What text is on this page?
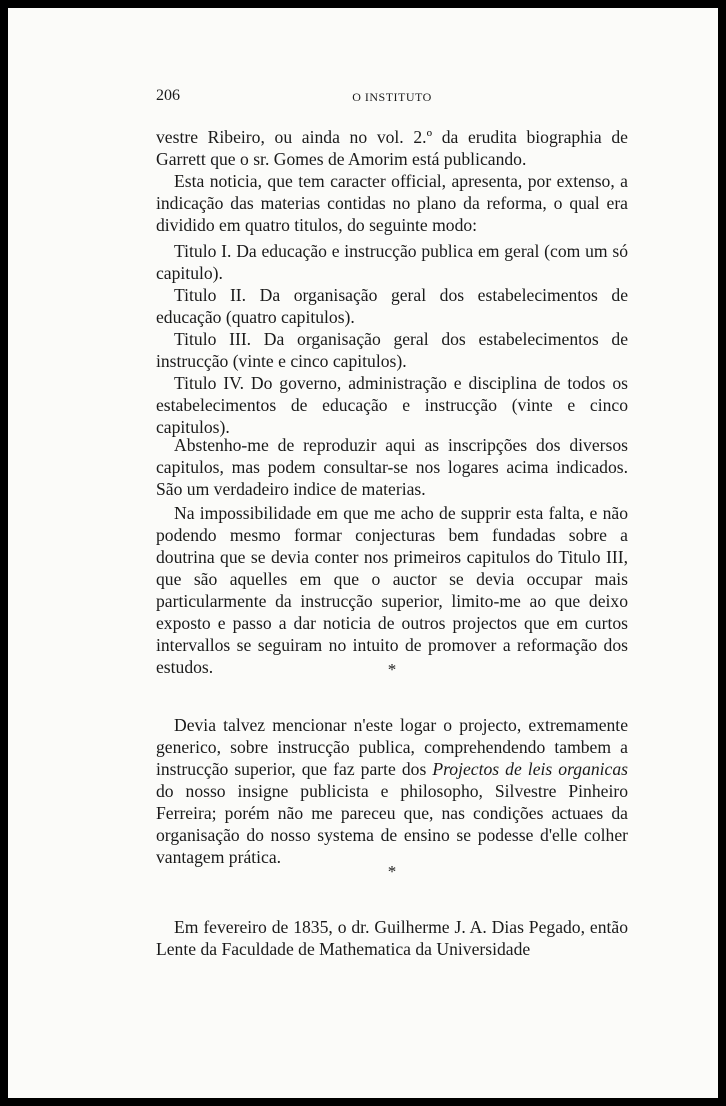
206	O INSTITUTO
vestre Ribeiro, ou ainda no vol. 2.º da erudita biographia de Garrett que o sr. Gomes de Amorim está publicando.
Esta noticia, que tem caracter official, apresenta, por extenso, a indicação das materias contidas no plano da reforma, o qual era dividido em quatro titulos, do seguinte modo:
Titulo I. Da educação e instrucção publica em geral (com um só capitulo).
Titulo II. Da organisação geral dos estabelecimentos de educação (quatro capitulos).
Titulo III. Da organisação geral dos estabelecimentos de instrucção (vinte e cinco capitulos).
Titulo IV. Do governo, administração e disciplina de todos os estabelecimentos de educação e instrucção (vinte e cinco capitulos).
Abstenho-me de reproduzir aqui as inscripções dos diversos capitulos, mas podem consultar-se nos logares acima indicados. São um verdadeiro indice de materias.
Na impossibilidade em que me acho de supprir esta falta, e não podendo mesmo formar conjecturas bem fundadas sobre a doutrina que se devia conter nos primeiros capitulos do Titulo III, que são aquelles em que o auctor se devia occupar mais particularmente da instrucção superior, limito-me ao que deixo exposto e passo a dar noticia de outros projectos que em curtos intervallos se seguiram no intuito de promover a reformação dos estudos.	*
Devia talvez mencionar n'este logar o projecto, extremamente generico, sobre instrucção publica, comprehendendo tambem a instrucção superior, que faz parte dos Projectos de leis organicas do nosso insigne publicista e philosopho, Silvestre Pinheiro Ferreira; porém não me pareceu que, nas condições actuaes da organisação do nosso systema de ensino se podesse d'elle colher vantagem prática.
*
Em fevereiro de 1835, o dr. Guilherme J. A. Dias Pegado, então Lente da Faculdade de Mathematica da Universidade
